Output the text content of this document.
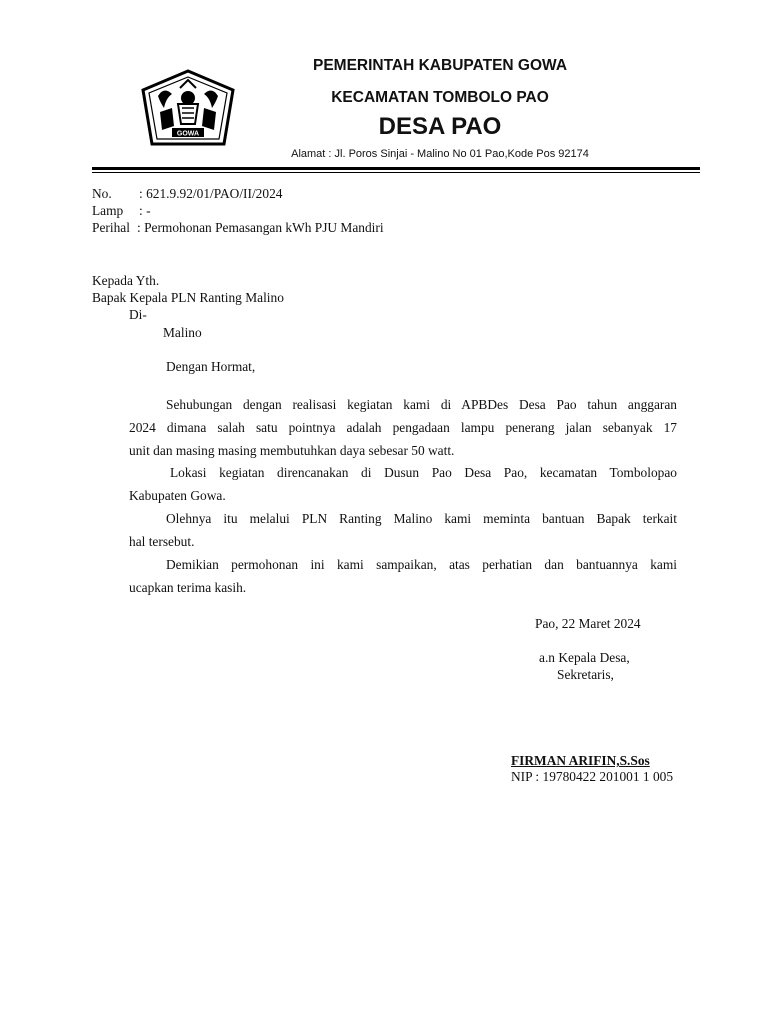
GOWA
PEMERINTAH KABUPATEN GOWA
KECAMATAN TOMBOLO PAO
DESA PAO
Alamat : Jl. Poros Sinjai - Malino No 01 Pao,Kode Pos 92174
No. : 621.9.92/01/PAO/II/2024
Lamp : -
Perihal : Permohonan Pemasangan kWh PJU Mandiri
Kepada Yth.
Bapak Kepala PLN Ranting Malino
Di-
Malino
Dengan Hormat,
Sehubungan dengan realisasi kegiatan kami di APBDes Desa Pao tahun anggaran
2024 dimana salah satu pointnya adalah pengadaan lampu penerang jalan sebanyak 17
unit dan masing masing membutuhkan daya sebesar 50 watt.
Lokasi kegiatan direncanakan di Dusun Pao Desa Pao, kecamatan Tombolopao
Kabupaten Gowa.
Olehnya itu melalui PLN Ranting Malino kami meminta bantuan Bapak terkait
hal tersebut.
Demikian permohonan ini kami sampaikan, atas perhatian dan bantuannya kami
ucapkan terima kasih.
Pao, 22 Maret 2024
a.n Kepala Desa,
Sekretaris,
FIRMAN ARIFIN,S.Sos
NIP : 19780422 201001 1 005
